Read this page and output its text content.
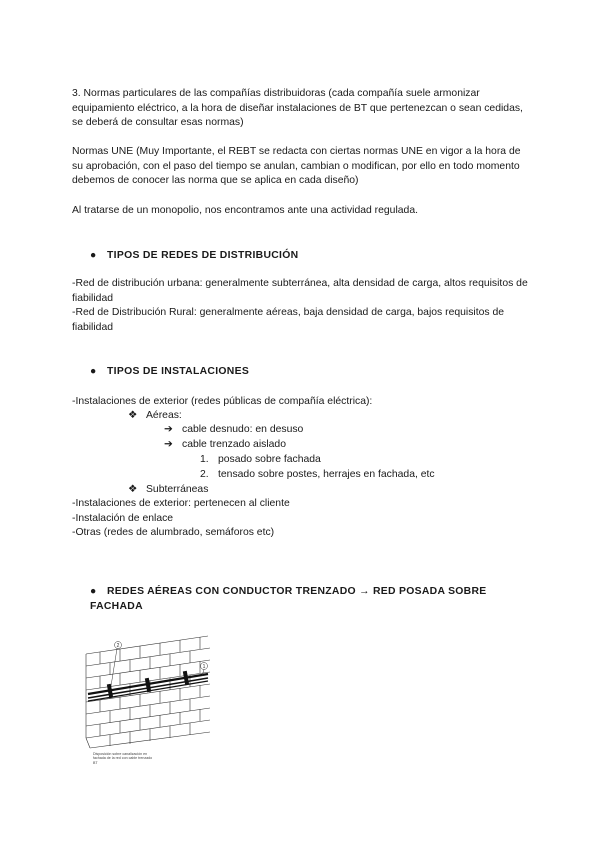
3. Normas particulares de las compañías distribuidoras (cada compañía suele armonizar equipamiento eléctrico, a la hora de diseñar instalaciones de BT que pertenezcan o sean cedidas, se deberá de consultar esas normas)

Normas UNE (Muy Importante, el REBT se redacta con ciertas normas UNE en vigor a la hora de su aprobación, con el paso del tiempo se anulan, cambian o modifican, por ello en todo momento debemos de conocer las norma que se aplica en cada diseño)

Al tratarse de un monopolio, nos encontramos ante una actividad regulada.

● TIPOS DE REDES DE DISTRIBUCIÓN

-Red de distribución urbana: generalmente subterránea, alta densidad de carga, altos requisitos de fiabilidad

-Red de Distribución Rural: generalmente aéreas, baja densidad de carga, bajos requisitos de fiabilidad

● TIPOS DE INSTALACIONES
-Instalaciones de exterior (redes públicas de compañía eléctrica):
❖ Aéreas:
➔ cable desnudo: en desuso
➔ cable trenzado aislado
1. posado sobre fachada
2. tensado sobre postes, herrajes en fachada, etc
❖ Subterráneas
-Instalaciones de exterior: pertenecen al cliente
-Instalación de enlace
-Otras (redes de alumbrado, semáforos etc)
● REDES AÉREAS CON CONDUCTOR TRENZADO → RED POSADA SOBRE FACHADA
2
1
Disposición sobre canalización en fachada de la red con cable trenzado BT
